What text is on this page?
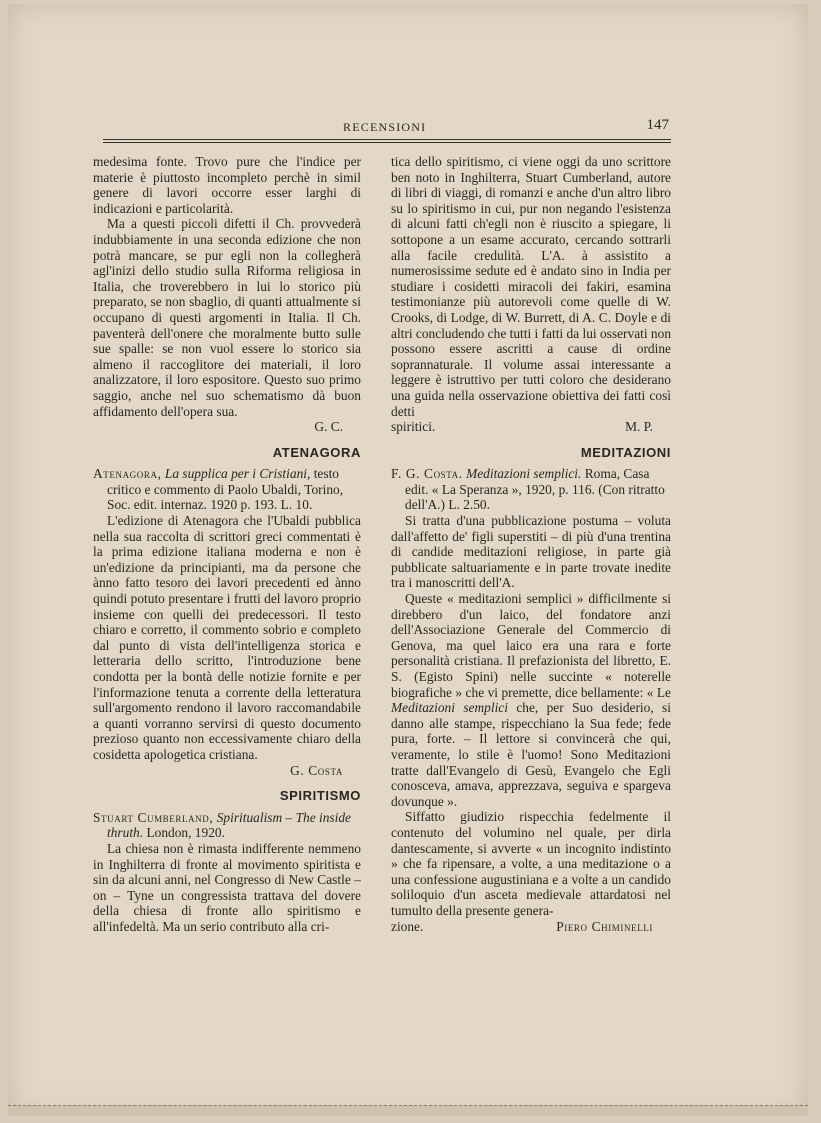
RECENSIONI	147

medesima fonte. Trovo pure che l'indice per materie è piuttosto incompleto perchè in simil genere di lavori occorre esser larghi di indicazioni e particolarità.

Ma a questi piccoli difetti il Ch. provvederà indubbiamente in una seconda edizione che non potrà mancare, se pur egli non la collegherà agl'inizi dello studio sulla Riforma religiosa in Italia, che troverebbero in lui lo storico più preparato, se non sbaglio, di quanti attualmente si occupano di questi argomenti in Italia. Il Ch. paventerà dell'onere che moralmente butto sulle sue spalle: se non vuol essere lo storico sia almeno il raccoglitore dei materiali, il loro analizzatore, il loro espositore. Questo suo primo saggio, anche nel suo schematismo dà buon affidamento dell'opera sua.

G. C.

ATENAGORA

Atenagora, La supplica per i Cristiani, testo critico e commento di Paolo Ubaldi, Torino, Soc. edit. internaz. 1920 p. 193. L. 10.

L'edizione di Atenagora che l'Ubaldi pubblica nella sua raccolta di scrittori greci commentati è la prima edizione italiana moderna e non è un'edizione da principianti, ma da persone che ànno fatto tesoro dei lavori precedenti ed ànno quindi potuto presentare i frutti del lavoro proprio insieme con quelli dei predecessori. Il testo chiaro e corretto, il commento sobrio e completo dal punto di vista dell'intelligenza storica e letteraria dello scritto, l'introduzione bene condotta per la bontà delle notizie fornite e per l'informazione tenuta a corrente della letteratura sull'argomento rendono il lavoro raccomandabile a quanti vorranno servirsi di questo documento prezioso quanto non eccessivamente chiaro della cosidetta apologetica cristiana.

G. Costa

SPIRITISMO

Stuart Cumberland, Spiritualism – The inside thruth. London, 1920.

La chiesa non è rimasta indifferente nemmeno in Inghilterra di fronte al movimento spiritista e sin da alcuni anni, nel Congresso di New Castle – on – Tyne un congressista trattava del dovere della chiesa di fronte allo spiritismo e all'infedeltà. Ma un serio contributo alla cri-

tica dello spiritismo, ci viene oggi da uno scrittore ben noto in Inghilterra, Stuart Cumberland, autore di libri di viaggi, di romanzi e anche d'un altro libro su lo spiritismo in cui, pur non negando l'esistenza di alcuni fatti ch'egli non è riuscito a spiegare, li sottopone a un esame accurato, cercando sottrarli alla facile credulità. L'A. à assistito a numerosissime sedute ed è andato sino in India per studiare i cosidetti miracoli dei fakiri, esamina testimonianze più autorevoli come quelle di W. Crooks, di Lodge, di W. Burrett, di A. C. Doyle e di altri concludendo che tutti i fatti da lui osservati non possono essere ascritti a cause di ordine soprannaturale. Il volume assai interessante a leggere è istruttivo per tutti coloro che desiderano una guida nella osservazione obiettiva dei fatti così detti

spiritici.	M. P.
MEDITAZIONI

F. G. Costa. Meditazioni semplici. Roma, Casa edit. « La Speranza », 1920, p. 116. (Con ritratto dell'A.) L. 2.50.

Si tratta d'una pubblicazione postuma – voluta dall'affetto de' figli superstiti – di più d'una trentina di candide meditazioni religiose, in parte già pubblicate saltuariamente e in parte trovate inedite tra i manoscritti dell'A.

Queste « meditazioni semplici » difficilmente si direbbero d'un laico, del fondatore anzi dell'Associazione Generale del Commercio di Genova, ma quel laico era una rara e forte personalità cristiana. Il prefazionista del libretto, E. S. (Egisto Spini) nelle succinte « noterelle biografiche » che vi premette, dice bellamente: « Le Meditazioni semplici che, per Suo desiderio, si danno alle stampe, rispecchiano la Sua fede; fede pura, forte. – Il lettore si convincerà che qui, veramente, lo stile è l'uomo! Sono Meditazioni tratte dall'Evangelo di Gesù, Evangelo che Egli conosceva, amava, apprezzava, seguiva e spargeva dovunque ».

Siffatto giudizio rispecchia fedelmente il contenuto del volumino nel quale, per dirla dantescamente, si avverte « un incognito indistinto » che fa ripensare, a volte, a una meditazione o a una confessione augustiniana e a volte a un candido soliloquio d'un asceta medievale attardatosi nel tumulto della presente genera-

zione.	Piero Chiminelli
